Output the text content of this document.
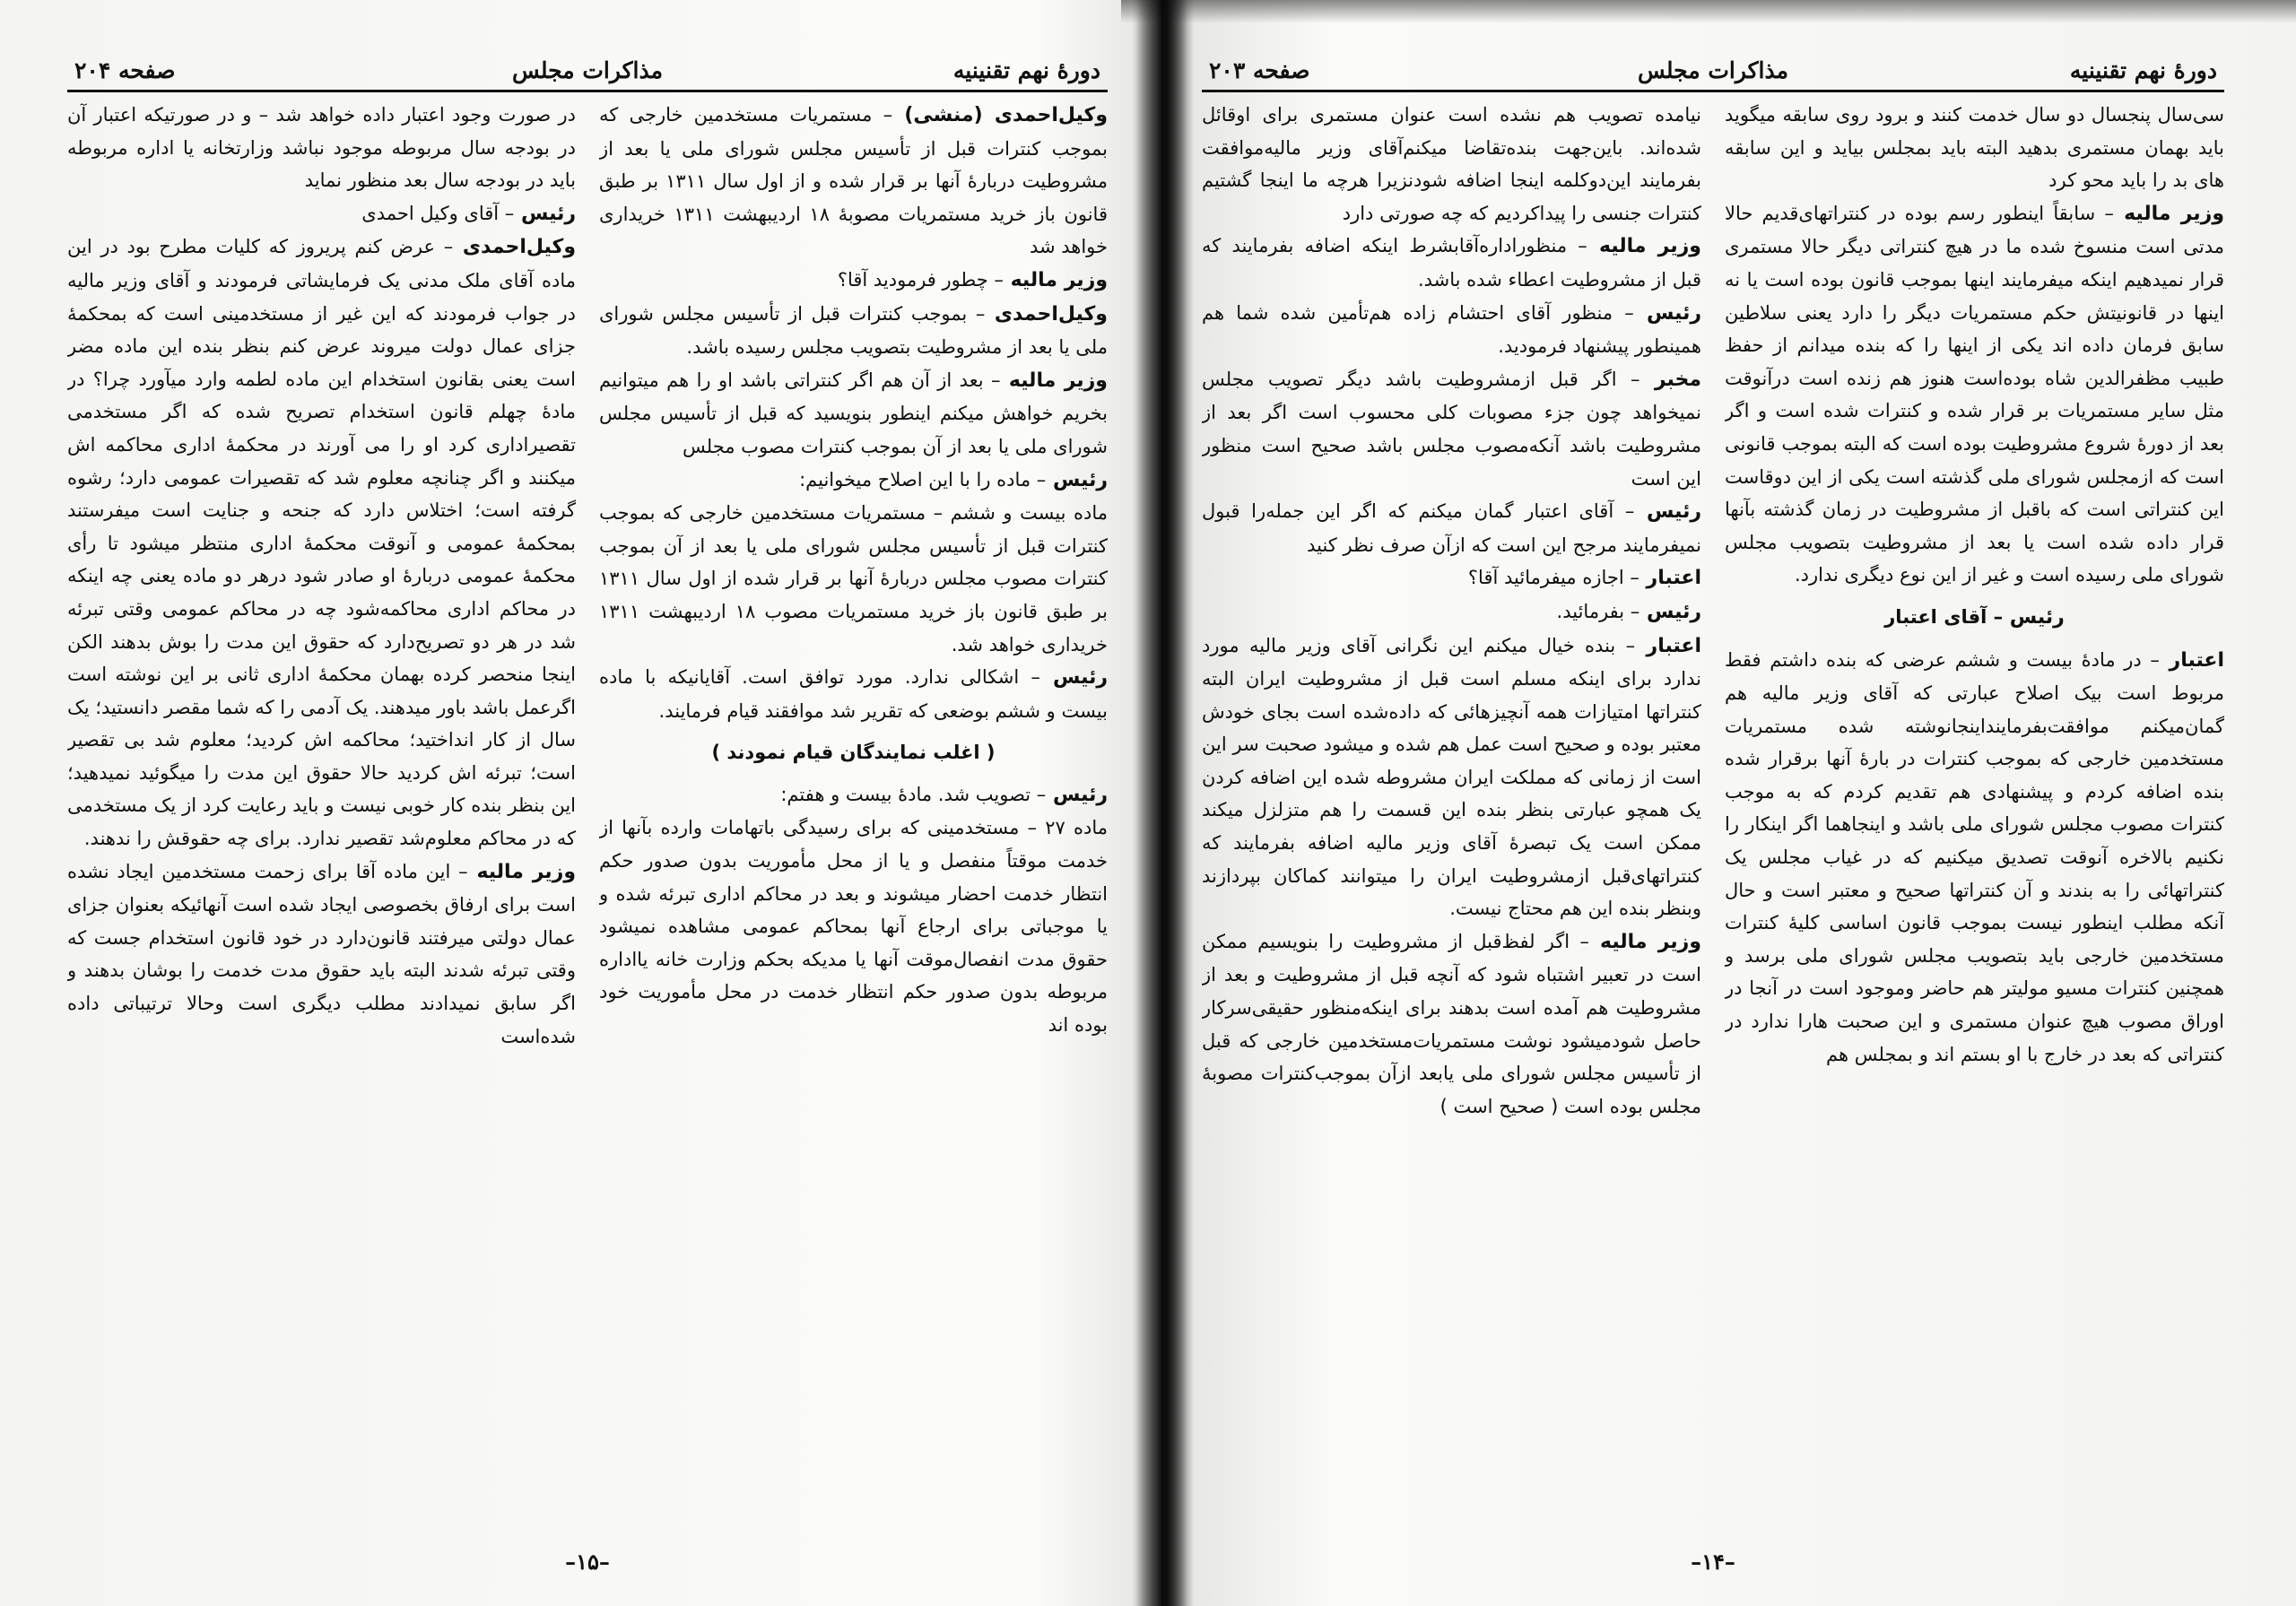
صفحه ۲۰۴	مذاکرات مجلس	دورهٔ نهم تقنینیه

وکیل‌احمدی (منشی)– مستمریات مستخدمین خارجی که بموجب کنترات قبل از تأسیس مجلس شورای ملی یا بعد از مشروطیت دربارهٔ آنها بر قرار شده و از اول سال ۱۳۱۱ بر طبق قانون باز خرید مستمریات مصوبهٔ ۱۸ اردیبهشت ۱۳۱۱ خریداری خواهد شد

وزیر مالیه– چطور فرمودید آقا؟

وکیل‌احمدی– بموجب کنترات قبل از تأسیس مجلس شورای ملی یا بعد از مشروطیت بتصویب مجلس رسیده باشد.

وزیر مالیه– بعد از آن هم اگر کنتراتی باشد او را هم میتوانیم بخریم خواهش میکنم اینطور بنویسید که قبل از تأسیس مجلس شورای ملی یا بعد از آن بموجب کنترات مصوب مجلس

رئیس– ماده را با این اصلاح میخوانیم:

ماده بیست و ششم – مستمریات مستخدمین خارجی که بموجب کنترات قبل از تأسیس مجلس شورای ملی یا بعد از آن بموجب کنترات مصوب مجلس دربارهٔ آنها بر قرار شده از اول سال ۱۳۱۱ بر طبق قانون باز خرید مستمریات مصوب ۱۸ اردیبهشت ۱۳۱۱ خریداری خواهد شد.

رئیس– اشکالی ندارد. مورد توافق است. آقایانیکه با ماده بیست و ششم بوضعی که تقریر شد موافقند قیام فرمایند.

( اغلب نمایندگان قیام نمودند )

رئیس– تصویب شد. مادهٔ بیست و هفتم:

ماده ۲۷ – مستخدمینی که برای رسیدگی باتهامات وارده بآنها از خدمت موقتاً منفصل و یا از محل مأموریت بدون صدور حکم انتظار خدمت احضار میشوند و بعد در محاکم اداری تبرئه شده و یا موجباتی برای ارجاع آنها بمحاکم عمومی مشاهده نمیشود حقوق مدت انفصال‌موقت آنها یا مدیکه بحکم وزارت خانه یا‌اداره مربوطه بدون صدور حکم انتظار خدمت در محل مأموریت خود بوده اند

در صورت وجود اعتبار داده خواهد شد – و در صورتیکه اعتبار آن در بودجه سال مربوطه موجود نباشد وزارتخانه یا اداره مربوطه باید در بودجه سال بعد منظور نماید

رئیس– آقای وکیل احمدی

وکیل‌احمدی– عرض کنم پریروز که کلیات مطرح بود در این ماده آقای ملک مدنی یک فرمایشاتی فرمودند و آقای وزیر مالیه در جواب فرمودند که این غیر از مستخدمینی است که بمحکمهٔ جزای عمال دولت میروند عرض کنم بنظر بنده این ماده مضر است یعنی بقانون استخدام این ماده لطمه وارد میآورد چرا؟ در مادهٔ چهلم قانون استخدام تصریح شده که اگر مستخدمی تقصیراداری کرد او را می آورند در محکمهٔ اداری محاکمه اش میکنند و اگر چنانچه معلوم شد که تقصیرات عمومی دارد؛ رشوه گرفته است؛ اختلاس دارد که جنحه و جنایت است میفرستند بمحکمهٔ عمومی و آنوقت محکمهٔ اداری منتظر میشود تا رأی محکمهٔ عمومی دربارهٔ او صادر شود درهر دو ماده یعنی چه اینکه در محاکم اداری محاکمه‌شود چه در محاکم عمومی وقتی تبرئه شد در هر دو تصریح‌دارد که حقوق این مدت را بوش بدهند الکن اینجا منحصر کرده بهمان محکمهٔ اداری ثانی بر این نوشته است اگرعمل باشد باور میدهند. یک آدمی را که شما مقصر دانستید؛ یک سال از کار انداختید؛ محاکمه اش کردید؛ معلوم شد بی تقصیر است؛ تبرئه اش کردید حالا حقوق این مدت را میگوئید نمیدهید؛ این بنظر بنده کار خوبی نیست و باید رعایت کرد از یک مستخدمی که در محاکم معلوم‌شد تقصیر ندارد. برای چه حقوقش را ندهند.

وزیر مالیه– این ماده آقا برای زحمت مستخدمین ایجاد نشده است برای ارفاق بخصوصی ایجاد شده است آنهائیکه بعنوان جزای عمال دولتی میرفتند قانون‌دارد در خود قانون استخدام جست که وقتی تبرئه شدند البته باید حقوق مدت خدمت را بوشان بدهند و اگر سابق نمیدادند مطلب دیگری است وحالا ترتیباتی داده شده‌است

–۱۵–
صفحه ۲۰۳	مذاکرات مجلس	دورهٔ نهم تقنینیه

سی‌سال پنجسال دو سال خدمت کنند و برود روی سابقه میگوید باید بهمان مستمری بدهید البته باید بمجلس بیاید و این سابقه های بد را باید محو کرد

وزیر مالیه– سابقاً اینطور رسم بوده در کنتراتهای‌قدیم حالا مدتی است منسوخ شده ما در هیچ کنتراتی دیگر حالا مستمری قرار نمیدهیم اینکه میفرمایند اینها بموجب قانون بوده است یا نه اینها در قانونیتش حکم مستمریات دیگر را دارد یعنی سلاطین سابق فرمان داده اند یکی از اینها را که بنده میدانم از حفظ طبیب مظفرالدین شاه بوده‌است هنوز هم زنده است در‌آنوقت مثل سایر مستمریات بر قرار شده و کنترات شده است و اگر بعد از دورهٔ شروع مشروطیت بوده است که البته بموجب قانونی است که ازمجلس شورای ملی گذشته است یکی از این دوقاست این کنتراتی است که باقبل از مشروطیت در زمان گذشته بآنها قرار داده شده است یا بعد از مشروطیت بتصویب مجلس شورای ملی رسیده است و غیر از این نوع دیگری ندارد.

رئیس– آقای اعتبار

اعتبار– در مادهٔ بیست و ششم عرضی که بنده داشتم فقط مربوط است بیک اصلاح عبارتی که آقای وزیر مالیه هم گمان‌میکنم موافقت‌بفرمایند‌اینجانوشته شده مستمریات مستخدمین خارجی که بموجب کنترات در بارهٔ آنها برقرار شده بنده اضافه کردم و پیشنهادی هم تقدیم کردم که به موجب کنترات مصوب مجلس شورای ملی باشد و اینجاهما اگر اینکار را نکنیم بالاخره آنوقت تصدیق میکنیم که در غیاب مجلس یک کنتراتهائی را به بندند و آن کنتراتها صحیح و معتبر است و حال آنکه مطلب اینطور نیست بموجب قانون اساسی کلیهٔ کنترات مستخدمین خارجی باید بتصویب مجلس شورای ملی برسد و همچنین کنترات مسیو مولیتر هم حاضر وموجود است در آنجا در اوراق مصوب هیچ عنوان مستمری و این صحبت هارا ندارد در کنتراتی که بعد در خارج با او بستم اند و بمجلس هم

نیامده تصویب هم نشده است عنوان مستمری برای اوقائل شده‌اند. باین‌جهت بنده‌تقاضا میکنم‌آقای وزیر مالیه‌موافقت بفرمایند این‌دوکلمه اینجا اضافه شودنزیرا هرچه ما اینجا گشتیم کنترات جنسی را پیداکردیم که چه صورتی دارد

وزیر مالیه– منظور‌اداره‌آقا‌بشرط اینکه اضافه بفرمایند که قبل از مشروطیت اعطاء شده باشد.

رئیس– منظور آقای احتشام زاده هم‌تأمین شده شما هم همینطور پیشنهاد فرمودید.

مخبر– اگر قبل ازمشروطیت باشد دیگر تصویب مجلس نمیخواهد چون جزء مصوبات کلی محسوب است اگر بعد از مشروطیت باشد آنکه‌مصوب مجلس باشد صحیح است منظور این است

رئیس– آقای اعتبار گمان میکنم که اگر این جمله‌را قبول نمیفرمایند مرجح این است که ازآن صرف نظر کنید

اعتبار– اجازه میفرمائید آقا؟

رئیس– بفرمائید.

اعتبار– بنده خیال میکنم این نگرانی آقای وزیر مالیه مورد ندارد برای اینکه مسلم است قبل از مشروطیت ایران البته کنتراتها امتیازات همه آنچیزهائی که داده‌شده است بجای خودش معتبر بوده و صحیح است عمل هم شده و میشود صحبت سر این است از زمانی که مملکت ایران مشروطه شده این اضافه کردن یک همچو عبارتی بنظر بنده این قسمت را هم متزلزل میکند ممکن است یک تبصرهٔ آقای وزیر مالیه اضافه بفرمایند که کنتراتهای‌قبل ازمشروطیت ایران را میتوانند کماکان بپردازند وبنظر بنده این هم محتاج نیست.

وزیر مالیه– اگر لفظ‌قبل از مشروطیت را بنویسیم ممکن است در تعبیر اشتباه شود که آنچه قبل از مشروطیت و بعد از مشروطیت هم آمده است بدهند برای اینکه‌منظور حقیقی‌سرکار حاصل شودمیشود نوشت مستمریات‌مستخدمین خارجی که قبل از تأسیس مجلس شورای ملی یابعد ازآن بموجب‌کنترات مصوبهٔ مجلس بوده است ( صحیح است )

–۱۴–
